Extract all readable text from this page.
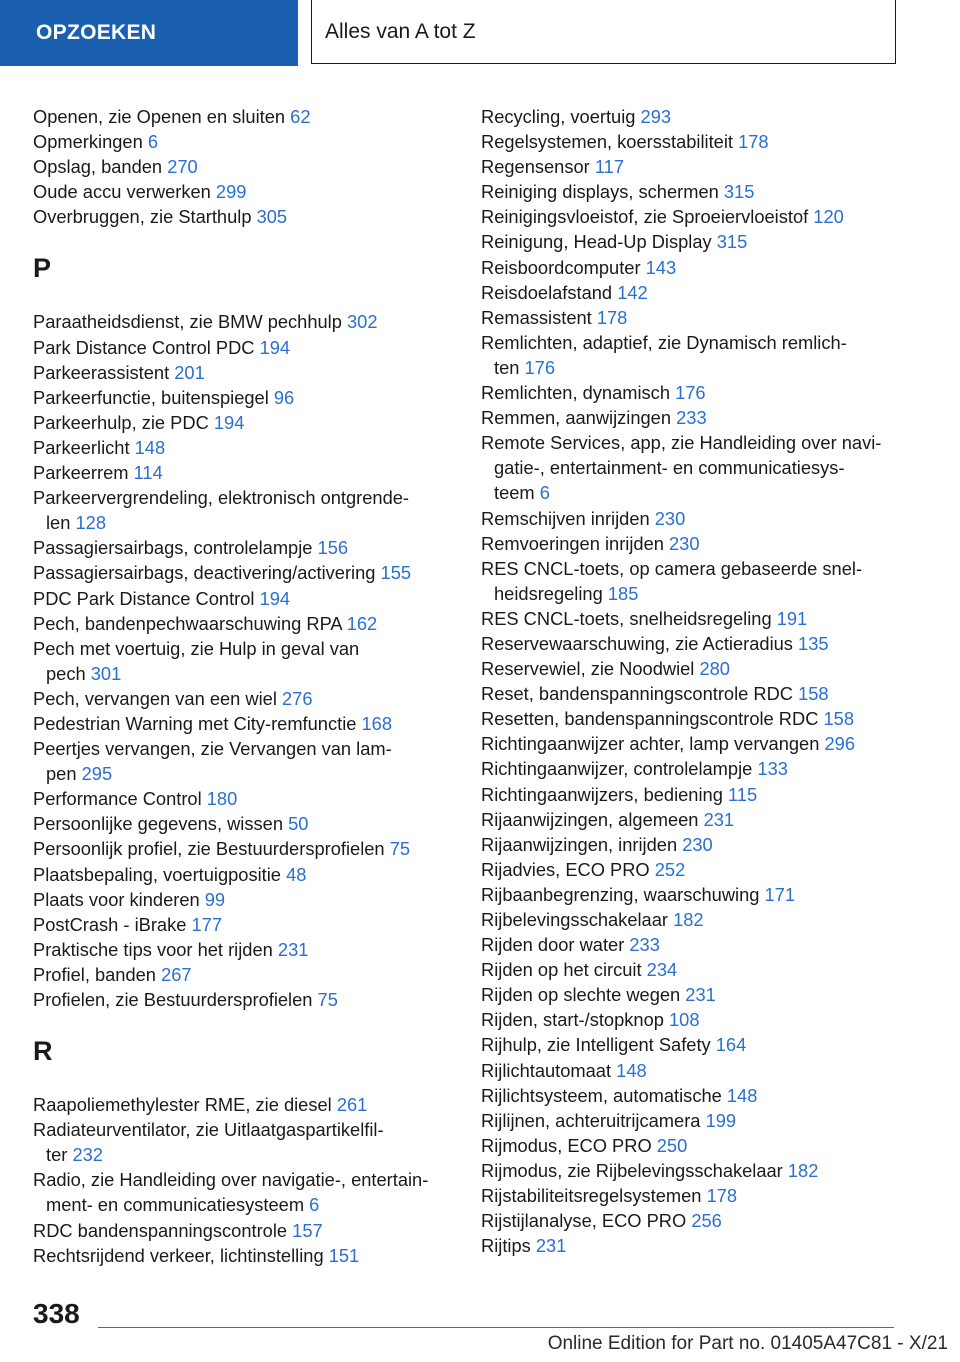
OPZOEKEN	Alles van A tot Z
Openen, zie Openen en sluiten 62
Opmerkingen 6
Opslag, banden 270
Oude accu verwerken 299
Overbruggen, zie Starthulp 305
P
Paraatheidsdienst, zie BMW pechhulp 302
Park Distance Control PDC 194
Parkeerassistent 201
Parkeerfunctie, buitenspiegel 96
Parkeerhulp, zie PDC 194
Parkeerlicht 148
Parkeerrem 114
Parkeervergrendeling, elektronisch ontgrende-
len 128
Passagiersairbags, controlelampje 156
Passagiersairbags, deactivering/activering 155
PDC Park Distance Control 194
Pech, bandenpechwaarschuwing RPA 162
Pech met voertuig, zie Hulp in geval van
pech 301
Pech, vervangen van een wiel 276
Pedestrian Warning met City-remfunctie 168
Peertjes vervangen, zie Vervangen van lam-
pen 295
Performance Control 180
Persoonlijke gegevens, wissen 50
Persoonlijk profiel, zie Bestuurdersprofielen 75
Plaatsbepaling, voertuigpositie 48
Plaats voor kinderen 99
PostCrash - iBrake 177
Praktische tips voor het rijden 231
Profiel, banden 267
Profielen, zie Bestuurdersprofielen 75
R
Raapoliemethylester RME, zie diesel 261
Radiateurventilator, zie Uitlaatgaspartikelfil-
ter 232
Radio, zie Handleiding over navigatie-, entertain-
ment- en communicatiesysteem 6
RDC bandenspanningscontrole 157
Rechtsrijdend verkeer, lichtinstelling 151
Recycling, voertuig 293
Regelsystemen, koersstabiliteit 178
Regensensor 117
Reiniging displays, schermen 315
Reinigingsvloeistof, zie Sproeiervloeistof 120
Reinigung, Head-Up Display 315
Reisboordcomputer 143
Reisdoelafstand 142
Remassistent 178
Remlichten, adaptief, zie Dynamisch remlich-
ten 176
Remlichten, dynamisch 176
Remmen, aanwijzingen 233
Remote Services, app, zie Handleiding over navi-
gatie-, entertainment- en communicatiesys-
teem 6
Remschijven inrijden 230
Remvoeringen inrijden 230
RES CNCL-toets, op camera gebaseerde snel-
heidsregeling 185
RES CNCL-toets, snelheidsregeling 191
Reservewaarschuwing, zie Actieradius 135
Reservewiel, zie Noodwiel 280
Reset, bandenspanningscontrole RDC 158
Resetten, bandenspanningscontrole RDC 158
Richtingaanwijzer achter, lamp vervangen 296
Richtingaanwijzer, controlelampje 133
Richtingaanwijzers, bediening 115
Rijaanwijzingen, algemeen 231
Rijaanwijzingen, inrijden 230
Rijadvies, ECO PRO 252
Rijbaanbegrenzing, waarschuwing 171
Rijbelevingsschakelaar 182
Rijden door water 233
Rijden op het circuit 234
Rijden op slechte wegen 231
Rijden, start-/stopknop 108
Rijhulp, zie Intelligent Safety 164
Rijlichtautomaat 148
Rijlichtsysteem, automatische 148
Rijlijnen, achteruitrijcamera 199
Rijmodus, ECO PRO 250
Rijmodus, zie Rijbelevingsschakelaar 182
Rijstabiliteitsregelsystemen 178
Rijstijlanalyse, ECO PRO 256
Rijtips 231
338
Online Edition for Part no. 01405A47C81 - X/21
